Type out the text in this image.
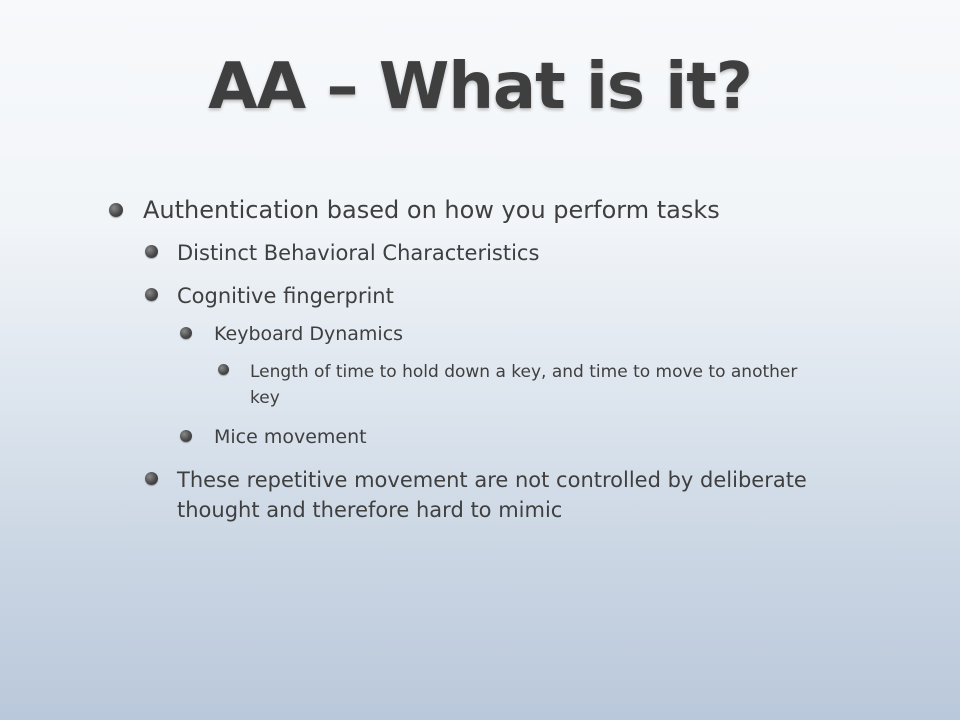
AA – What is it?
Authentication based on how you perform tasks
Distinct Behavioral Characteristics
Cognitive fingerprint
Keyboard Dynamics
Length of time to hold down a key, and time to move to another key
Mice movement
These repetitive movement are not controlled by deliberate thought and therefore hard to mimic
